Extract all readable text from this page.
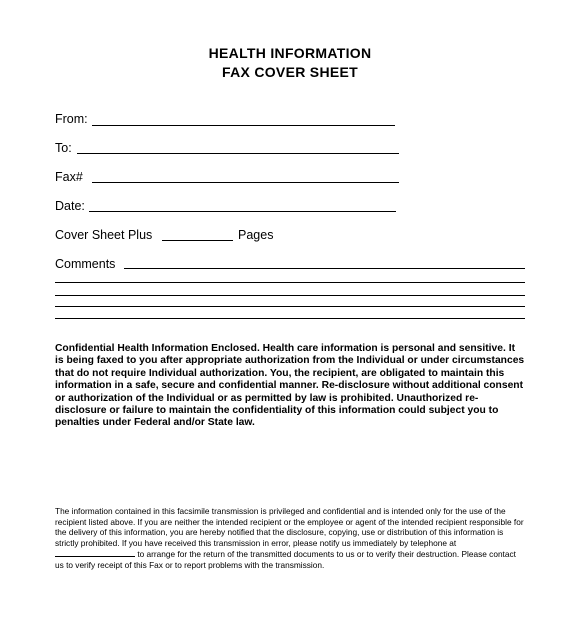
HEALTH INFORMATION
FAX COVER SHEET
From:
To:
Fax#
Date:
Cover Sheet Plus	Pages
Comments
Confidential Health Information Enclosed. Health care information is personal and sensitive. It is being faxed to you after appropriate authorization from the Individual or under circumstances that do not require Individual authorization. You, the recipient, are obligated to maintain this information in a safe, secure and confidential manner. Re-disclosure without additional consent or authorization of the Individual or as permitted by law is prohibited. Unauthorized re-disclosure or failure to maintain the confidentiality of this information could subject you to penalties under Federal and/or State law.

The information contained in this facsimile transmission is privileged and confidential and is intended only for the use of the recipient listed above. If you are neither the intended recipient or the employee or agent of the intended recipient responsible for the delivery of this information, you are hereby notified that the disclosure, copying, use or distribution of this information is strictly prohibited. If you have received this transmission in error, please notify us immediately by telephone at  to arrange for the return of the transmitted documents to us or to verify their destruction. Please contact us to verify receipt of this Fax or to report problems with the transmission.
